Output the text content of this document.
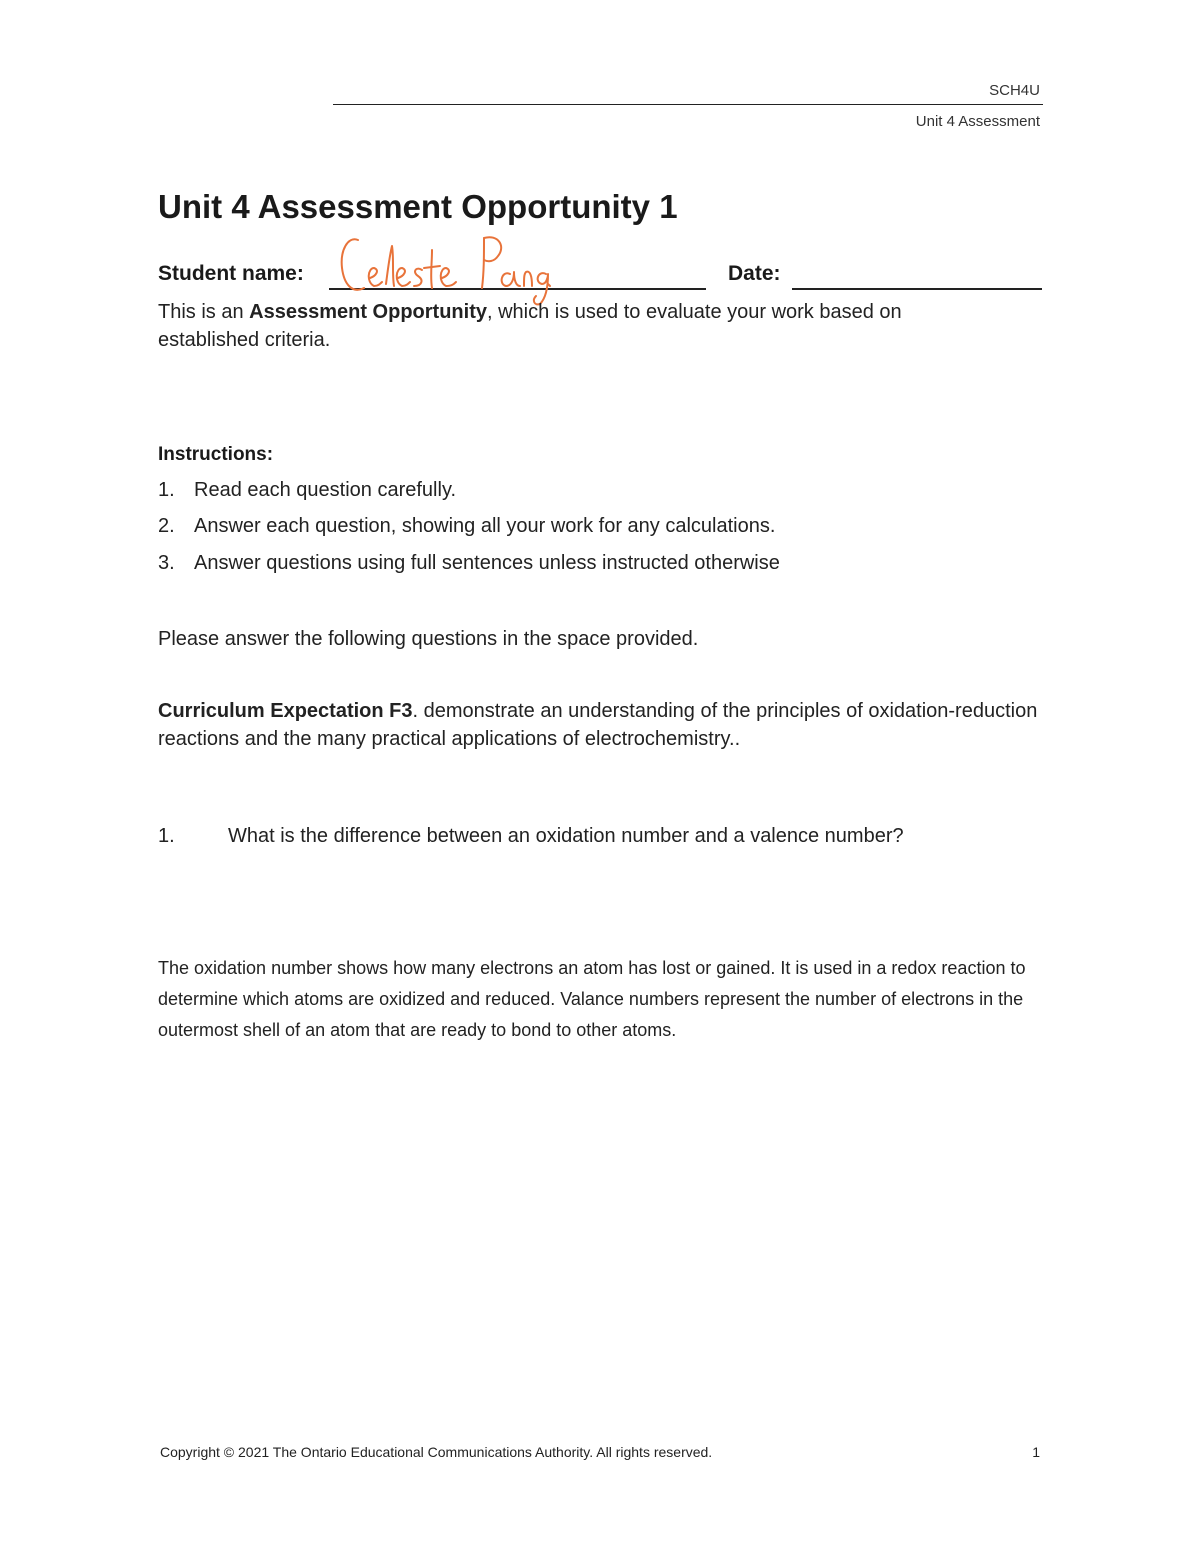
SCH4U
Unit 4 Assessment
Unit 4 Assessment Opportunity 1
Student name:	Date:
This is an Assessment Opportunity, which is used to evaluate your work based on established criteria.
Instructions:
1. Read each question carefully.
2. Answer each question, showing all your work for any calculations.
3. Answer questions using full sentences unless instructed otherwise
Please answer the following questions in the space provided.
Curriculum Expectation F3. demonstrate an understanding of the principles of oxidation-reduction reactions and the many practical applications of electrochemistry..
1.	What is the difference between an oxidation number and a valence number?
The oxidation number shows how many electrons an atom has lost or gained. It is used in a redox reaction to determine which atoms are oxidized and reduced. Valance numbers represent the number of electrons in the outermost shell of an atom that are ready to bond to other atoms.
Copyright © 2021 The Ontario Educational Communications Authority. All rights reserved.	1
